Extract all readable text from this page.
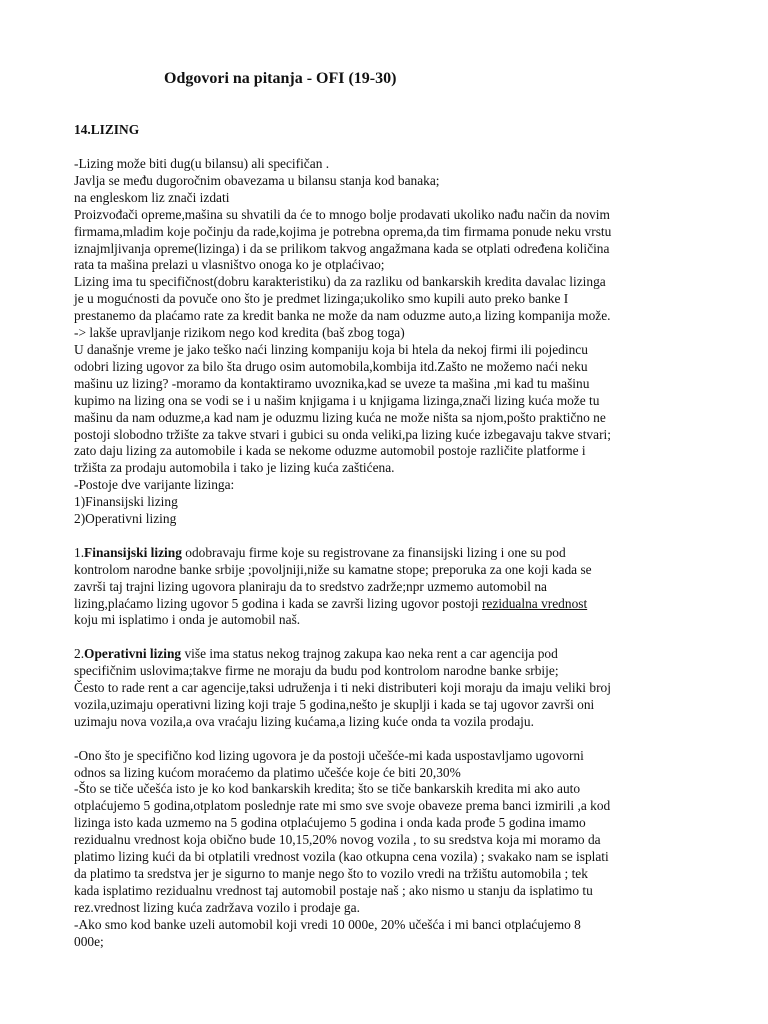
Odgovori na pitanja - OFI (19-30)
14.LIZING
-Lizing može biti dug(u bilansu) ali specifičan .
Javlja se među dugoročnim obavezama u bilansu stanja kod banaka;
na engleskom liz znači izdati
Proizvođači opreme,mašina su shvatili da će to mnogo bolje prodavati ukoliko nađu način da novim
firmama,mladim koje počinju da rade,kojima je potrebna oprema,da tim firmama ponude neku vrstu
iznajmljivanja opreme(lizinga) i da se prilikom takvog angažmana kada se otplati određena količina
rata ta mašina prelazi u vlasništvo onoga ko je otplaćivao;
Lizing ima tu specifičnost(dobru karakteristiku) da za razliku od bankarskih kredita davalac lizinga
je u mogućnosti da povuče ono što je predmet lizinga;ukoliko smo kupili auto preko banke I
prestanemo da plaćamo rate za kredit banka ne može da nam oduzme auto,a lizing kompanija može.
-> lakše upravljanje rizikom nego kod kredita (baš zbog toga)
U današnje vreme je jako teško naći linzing kompaniju koja bi htela da nekoj firmi ili pojedincu
odobri lizing ugovor za bilo šta drugo osim automobila,kombija itd.Zašto ne možemo naći neku
mašinu uz lizing? -moramo da kontaktiramo uvoznika,kad se uveze ta mašina ,mi kad tu mašinu
kupimo na lizing ona se vodi se i u našim knjigama i u knjigama lizinga,znači lizing kuća može tu
mašinu da nam oduzme,a kad nam je oduzmu lizing kuća ne može ništa sa njom,pošto praktično ne
postoji slobodno tržište za takve stvari i gubici su onda veliki,pa lizing kuće izbegavaju takve stvari;
zato daju lizing za automobile i kada se nekome oduzme automobil postoje različite platforme i
tržišta za prodaju automobila i tako je lizing kuća zaštićena.
-Postoje dve varijante lizinga:
1)Finansijski lizing
2)Operativni lizing
1.Finansijski lizing odobravaju firme koje su registrovane za finansijski lizing i one su pod
kontrolom narodne banke srbije ;povoljniji,niže su kamatne stope; preporuka za one koji kada se
završi taj trajni lizing ugovora planiraju da to sredstvo zadrže;npr uzmemo automobil na
lizing,plaćamo lizing ugovor 5 godina i kada se završi lizing ugovor postoji rezidualna vrednost
koju mi isplatimo i onda je automobil naš.
2.Operativni lizing više ima status nekog trajnog zakupa kao neka rent a car agencija pod
specifičnim uslovima;takve firme ne moraju da budu pod kontrolom narodne banke srbije;
Često to rade rent a car agencije,taksi udruženja i ti neki distributeri koji moraju da imaju veliki broj
vozila,uzimaju operativni lizing koji traje 5 godina,nešto je skuplji i kada se taj ugovor završi oni
uzimaju nova vozila,a ova vraćaju lizing kućama,a lizing kuće onda ta vozila prodaju.
-Ono što je specifično kod lizing ugovora je da postoji učešće-mi kada uspostavljamo ugovorni
odnos sa lizing kućom moraćemo da platimo učešće koje će biti 20,30%
-Što se tiče učešća isto je ko kod bankarskih kredita; što se tiče bankarskih kredita mi ako auto
otplaćujemo 5 godina,otplatom poslednje rate mi smo sve svoje obaveze prema banci izmirili ,a kod
lizinga isto kada uzmemo na 5 godina otplaćujemo 5 godina i onda kada prođe 5 godina imamo
rezidualnu vrednost koja obično bude 10,15,20% novog vozila , to su sredstva koja mi moramo da
platimo lizing kući da bi otplatili vrednost vozila (kao otkupna cena vozila) ; svakako nam se isplati
da platimo ta sredstva jer je sigurno to manje nego što to vozilo vredi na tržištu automobila ; tek
kada isplatimo rezidualnu vrednost taj automobil postaje naš ; ako nismo u stanju da isplatimo tu
rez.vrednost lizing kuća zadržava vozilo i prodaje ga.
-Ako smo kod banke uzeli automobil koji vredi 10 000e, 20% učešća i mi banci otplaćujemo 8
000e;
